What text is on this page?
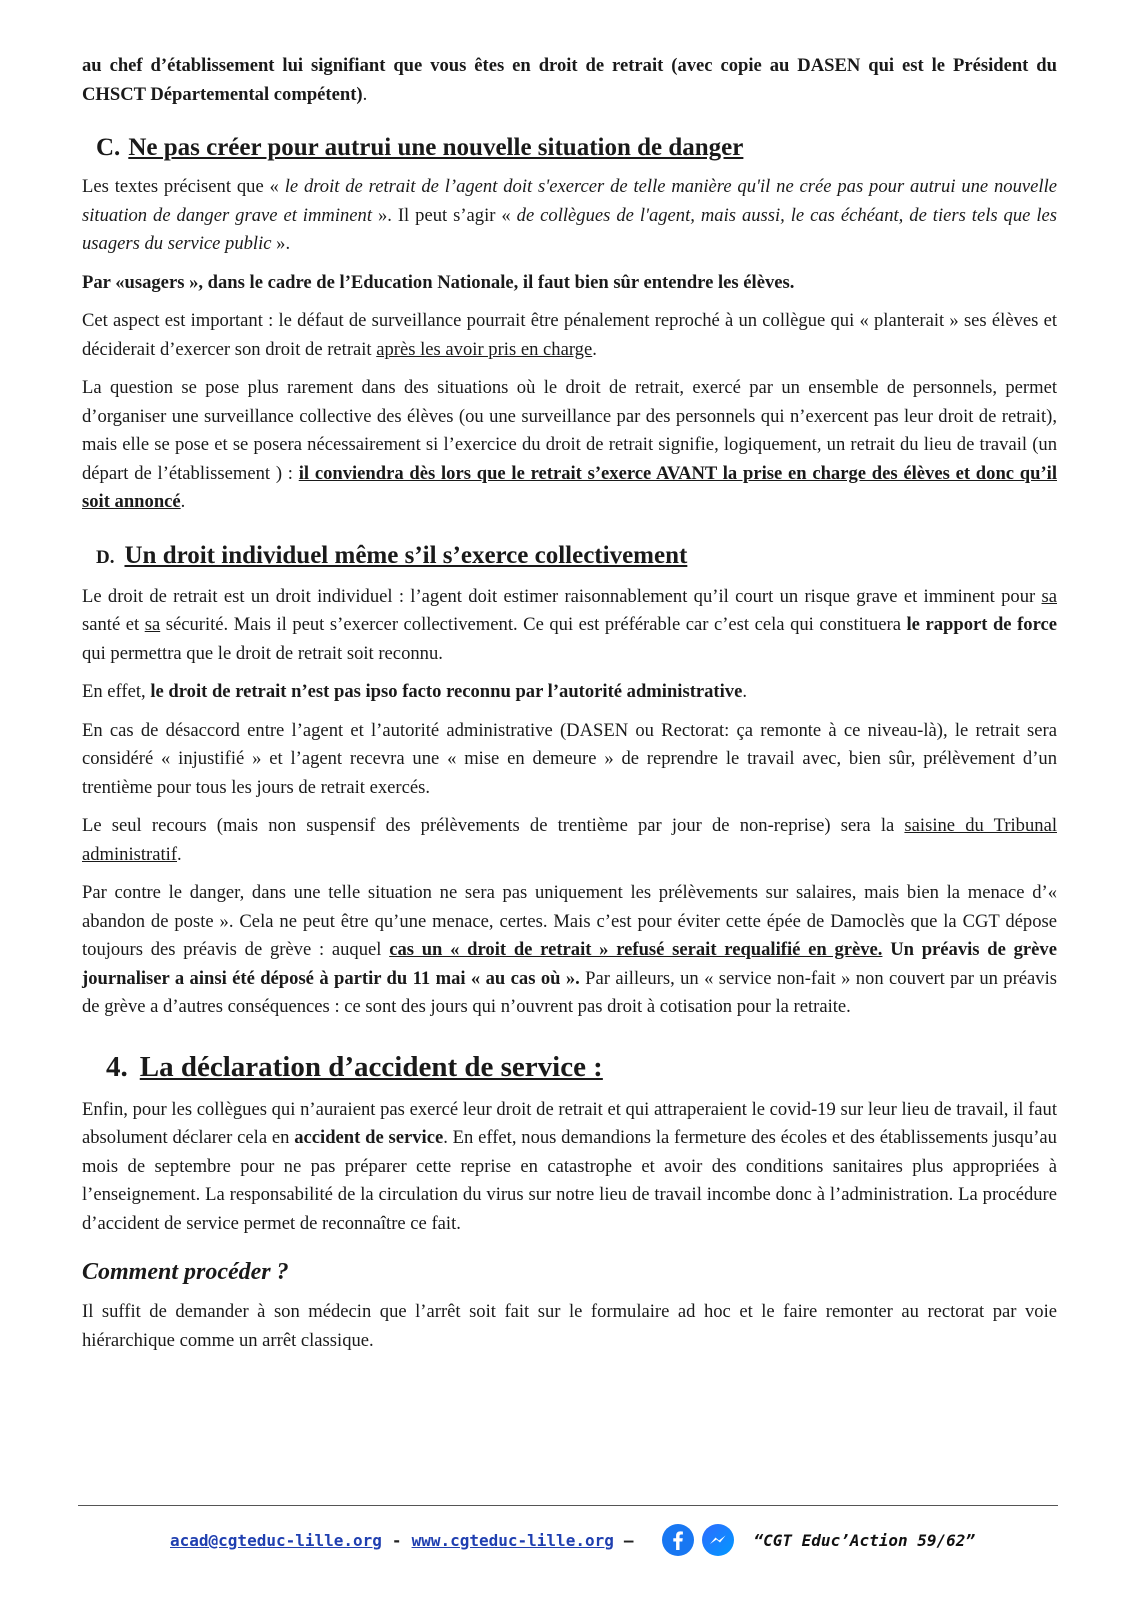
au chef d’établissement lui signifiant que vous êtes en droit de retrait (avec copie au DASEN qui est le Président du CHSCT Départemental compétent).

C. Ne pas créer pour autrui une nouvelle situation de danger

Les textes précisent que « le droit de retrait de l’agent doit s'exercer de telle manière qu'il ne crée pas pour autrui une nouvelle situation de danger grave et imminent ». Il peut s’agir « de collègues de l'agent, mais aussi, le cas échéant, de tiers tels que les usagers du service public ».

Par «usagers », dans le cadre de l’Education Nationale, il faut bien sûr entendre les élèves.

Cet aspect est important : le défaut de surveillance pourrait être pénalement reproché à un collègue qui « planterait » ses élèves et déciderait d’exercer son droit de retrait après les avoir pris en charge.

La question se pose plus rarement dans des situations où le droit de retrait, exercé par un ensemble de personnels, permet d’organiser une surveillance collective des élèves (ou une surveillance par des personnels qui n’exercent pas leur droit de retrait), mais elle se pose et se posera nécessairement si l’exercice du droit de retrait signifie, logiquement, un retrait du lieu de travail (un départ de l’établissement ) : il conviendra dès lors que le retrait s’exerce AVANT la prise en charge des élèves et donc qu’il soit annoncé.

D. Un droit individuel même s’il s’exerce collectivement

Le droit de retrait est un droit individuel : l’agent doit estimer raisonnablement qu’il court un risque grave et imminent pour sa santé et sa sécurité. Mais il peut s’exercer collectivement. Ce qui est préférable car c’est cela qui constituera le rapport de force qui permettra que le droit de retrait soit reconnu.

En effet, le droit de retrait n’est pas ipso facto reconnu par l’autorité administrative.

En cas de désaccord entre l’agent et l’autorité administrative (DASEN ou Rectorat: ça remonte à ce niveau-là), le retrait sera considéré « injustifié » et l’agent recevra une « mise en demeure » de reprendre le travail avec, bien sûr, prélèvement d’un trentième pour tous les jours de retrait exercés.

Le seul recours (mais non suspensif des prélèvements de trentième par jour de non-reprise) sera la saisine du Tribunal administratif.

Par contre le danger, dans une telle situation ne sera pas uniquement les prélèvements sur salaires, mais bien la menace d’« abandon de poste ». Cela ne peut être qu’une menace, certes. Mais c’est pour éviter cette épée de Damoclès que la CGT dépose toujours des préavis de grève : auquel cas un « droit de retrait » refusé serait requalifié en grève. Un préavis de grève journaliser a ainsi été déposé à partir du 11 mai « au cas où ». Par ailleurs, un « service non-fait » non couvert par un préavis de grève a d’autres conséquences : ce sont des jours qui n’ouvrent pas droit à cotisation pour la retraite.

4. La déclaration d’accident de service :

Enfin, pour les collègues qui n’auraient pas exercé leur droit de retrait et qui attraperaient le covid-19 sur leur lieu de travail, il faut absolument déclarer cela en accident de service. En effet, nous demandions la fermeture des écoles et des établissements jusqu’au mois de septembre pour ne pas préparer cette reprise en catastrophe et avoir des conditions sanitaires plus appropriées à l’enseignement. La responsabilité de la circulation du virus sur notre lieu de travail incombe donc à l’administration. La procédure d’accident de service permet de reconnaître ce fait.

Comment procéder ?

Il suffit de demander à son médecin que l’arrêt soit fait sur le formulaire ad hoc et le faire remonter au rectorat par voie hiérarchique comme un arrêt classique.

acad@cgteduc-lille.org - www.cgteduc-lille.org –	“CGT Educ’Action 59/62”
